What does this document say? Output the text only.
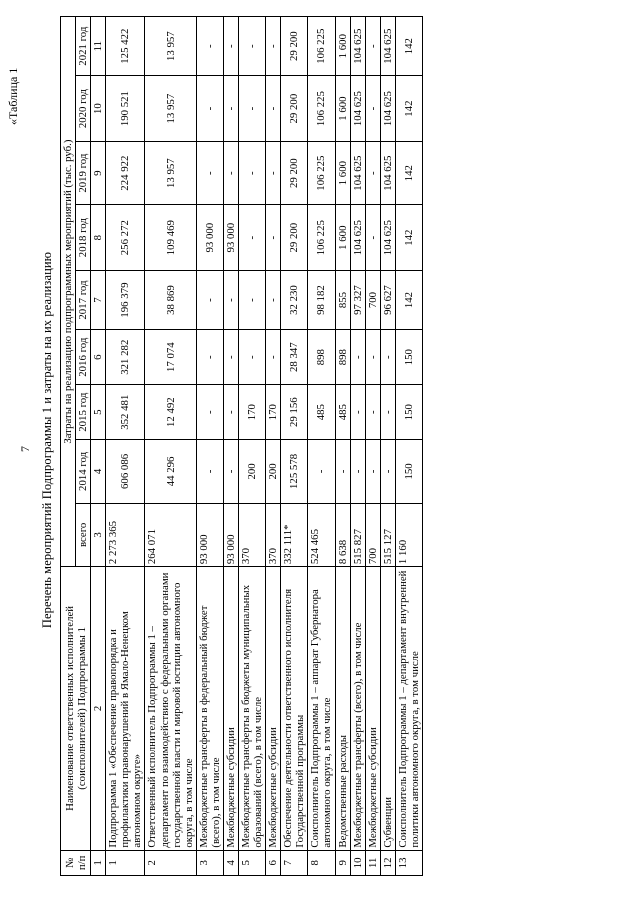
7
«Таблица 1
Перечень мероприятий Подпрограммы 1 и затраты на их реализацию
№ п/п	Наименование ответственных исполнителей (соисполнителей) Подпрограммы 1	Затраты на реализацию подпрограммных мероприятий (тыс. руб.)								
		всего	2014 год	2015 год	2016 год	2017 год	2018 год	2019 год	2020 год	2021 год
1	2	3	4	5	6	7	8	9	10	11
1	Подпрограмма 1 «Обеспечение правопорядка и профилактики правонарушений в Ямало-Ненецком автономном округе»	2 273 365	606 086	352 481	321 282	196 379	256 272	224 922	190 521	125 422
2	Ответственный исполнитель Подпрограммы 1 – департамент по взаимодействию с федеральными органами государственной власти и мировой юстиции автономного округа, в том числе	264 071	44 296	12 492	17 074	38 869	109 469	13 957	13 957	13 957
3	Межбюджетные трансферты в федеральный бюджет (всего), в том числе	93 000	-	-	-	-	93 000	-	-	-
4	Межбюджетные субсидии	93 000	-	-	-	-	93 000	-	-	-
5	Межбюджетные трансферты в бюджеты муниципальных образований (всего), в том числе	370	200	170	-	-	-	-	-	-
6	Межбюджетные субсидии	370	200	170	-	-	-	-	-	-
7	Обеспечение деятельности ответственного исполнителя Государственной программы	332 111*	125 578	29 156	28 347	32 230	29 200	29 200	29 200	29 200
8	Соисполнитель Подпрограммы 1 – аппарат Губернатора автономного округа, в том числе	524 465	-	485	898	98 182	106 225	106 225	106 225	106 225
9	Ведомственные расходы	8 638	-	485	898	855	1 600	1 600	1 600	1 600
10	Межбюджетные трансферты (всего), в том числе	515 827	-	-	-	97 327	104 625	104 625	104 625	104 625
11	Межбюджетные субсидии	700	-	-	-	700	-	-	-	-
12	Субвенции	515 127	-	-	-	96 627	104 625	104 625	104 625	104 625
13	Соисполнитель Подпрограммы 1 – департамент внутренней политики автономного округа, в том числе	1 160	150	150	150	142	142	142	142	142
